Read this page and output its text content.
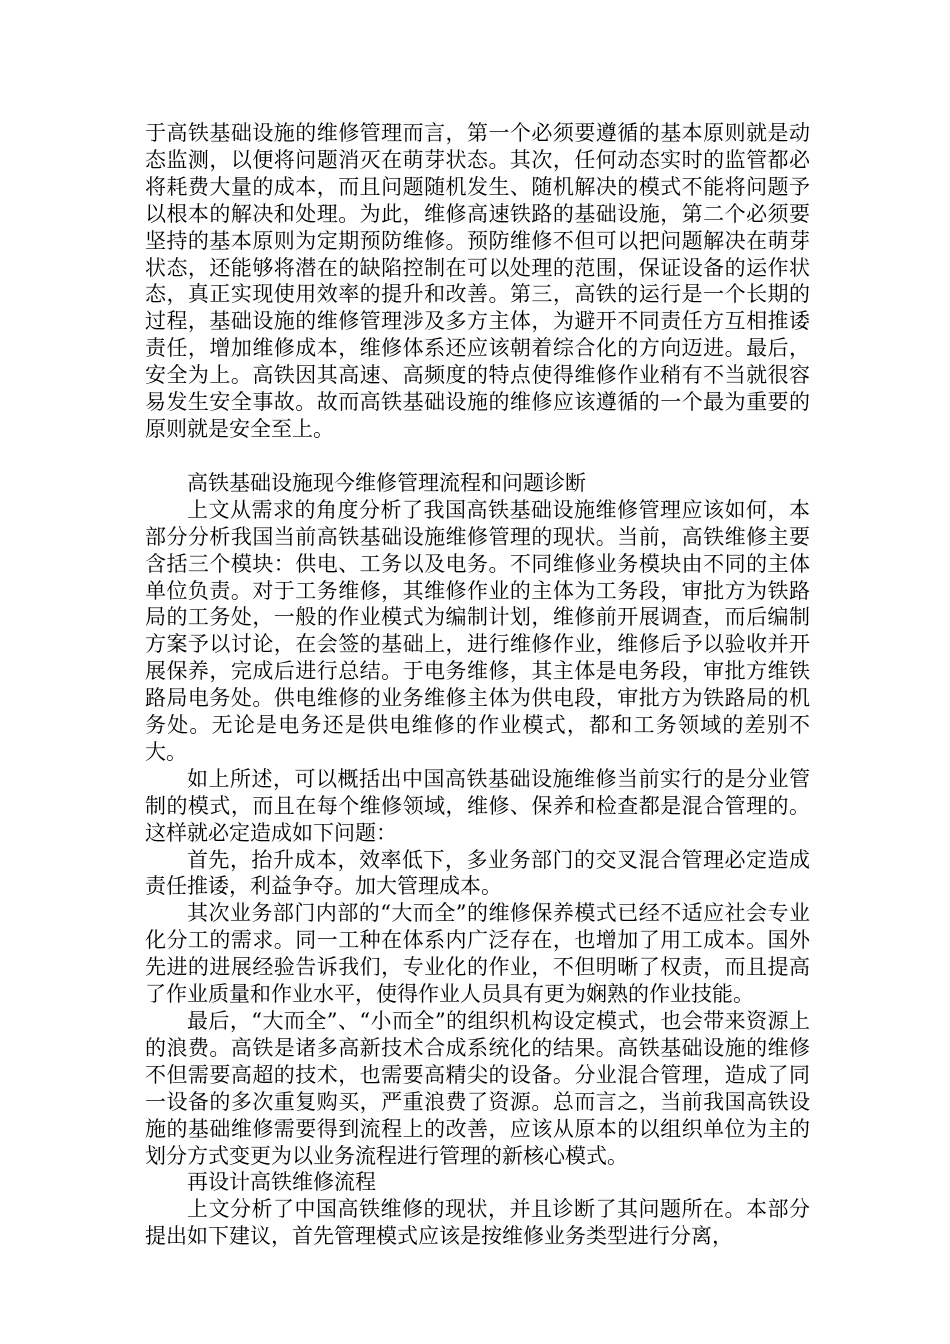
于高铁基础设施的维修管理而言，第一个必须要遵循的基本原则就是动态监测，以便将问题消灭在萌芽状态。其次，任何动态实时的监管都必将耗费大量的成本，而且问题随机发生、随机解决的模式不能将问题予以根本的解决和处理。为此，维修高速铁路的基础设施，第二个必须要坚持的基本原则为定期预防维修。预防维修不但可以把问题解决在萌芽状态，还能够将潜在的缺陷控制在可以处理的范围，保证设备的运作状态，真正实现使用效率的提升和改善。第三，高铁的运行是一个长期的过程，基础设施的维修管理涉及多方主体，为避开不同责任方互相推诿责任，增加维修成本，维修体系还应该朝着综合化的方向迈进。最后，安全为上。高铁因其高速、高频度的特点使得维修作业稍有不当就很容易发生安全事故。故而高铁基础设施的维修应该遵循的一个最为重要的原则就是安全至上。

高铁基础设施现今维修管理流程和问题诊断

上文从需求的角度分析了我国高铁基础设施维修管理应该如何，本部分分析我国当前高铁基础设施维修管理的现状。当前，高铁维修主要含括三个模块：供电、工务以及电务。不同维修业务模块由不同的主体单位负责。对于工务维修，其维修作业的主体为工务段，审批方为铁路局的工务处，一般的作业模式为编制计划，维修前开展调查，而后编制方案予以讨论，在会签的基础上，进行维修作业，维修后予以验收并开展保养，完成后进行总结。于电务维修，其主体是电务段，审批方维铁路局电务处。供电维修的业务维修主体为供电段，审批方为铁路局的机务处。无论是电务还是供电维修的作业模式，都和工务领域的差别不大。

如上所述，可以概括出中国高铁基础设施维修当前实行的是分业管制的模式，而且在每个维修领域，维修、保养和检查都是混合管理的。这样就必定造成如下问题：

首先，抬升成本，效率低下，多业务部门的交叉混合管理必定造成责任推诿，利益争夺。加大管理成本。

其次业务部门内部的“大而全”的维修保养模式已经不适应社会专业化分工的需求。同一工种在体系内广泛存在，也增加了用工成本。国外先进的进展经验告诉我们，专业化的作业，不但明晰了权责，而且提高了作业质量和作业水平，使得作业人员具有更为娴熟的作业技能。

最后，“大而全”、“小而全”的组织机构设定模式，也会带来资源上的浪费。高铁是诸多高新技术合成系统化的结果。高铁基础设施的维修不但需要高超的技术，也需要高精尖的设备。分业混合管理，造成了同一设备的多次重复购买，严重浪费了资源。总而言之，当前我国高铁设施的基础维修需要得到流程上的改善，应该从原本的以组织单位为主的划分方式变更为以业务流程进行管理的新核心模式。

再设计高铁维修流程

上文分析了中国高铁维修的现状，并且诊断了其问题所在。本部分提出如下建议，首先管理模式应该是按维修业务类型进行分离，
